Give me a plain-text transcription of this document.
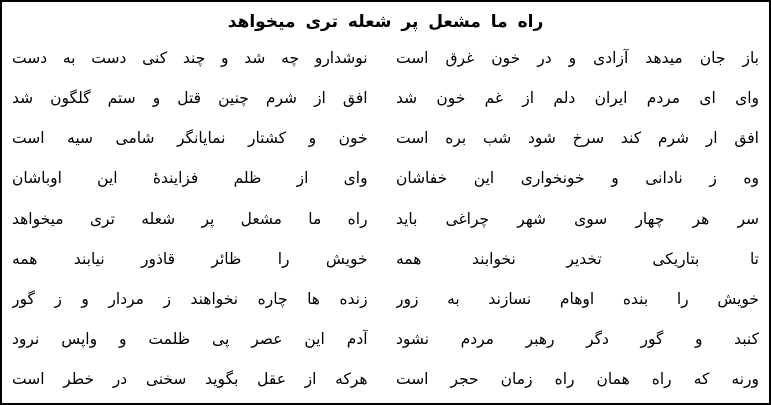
راه ما مشعل پر شعله تری میخواهد
باز جان میدهد آزادی و در خون غرق است
نوشدارو چه شد و چند کنی دست به دست
وای ای مردم ایران دلم از غم خون شد
افق از شرم چنین قتل و ستم گلگون شد
افق ار شرم کند سرخ شود شب بره است
خون و کشتار نمایانگر شامی سیه است
وه ز نادانی و خونخواری این خفاشان
وای از ظلم فزایندهٔ این اوباشان
سر هر چهار سوی شهر چراغی باید
راه ما مشعل پر شعله تری میخواهد
تا بتاریکی تخدیر نخوابند همه
خویش را ظائر قاذور نیابند همه
خویش را بنده اوهام نسازند به زور
زنده ها چاره نخواهند ز مردار و ز گور
کنبد و گور دگر رهبر مردم نشود
آدم این عصر پی ظلمت و واپس نرود
ورنه که راه همان راه زمان حجر است
هرکه از عقل بگوید سخنی در خطر است
